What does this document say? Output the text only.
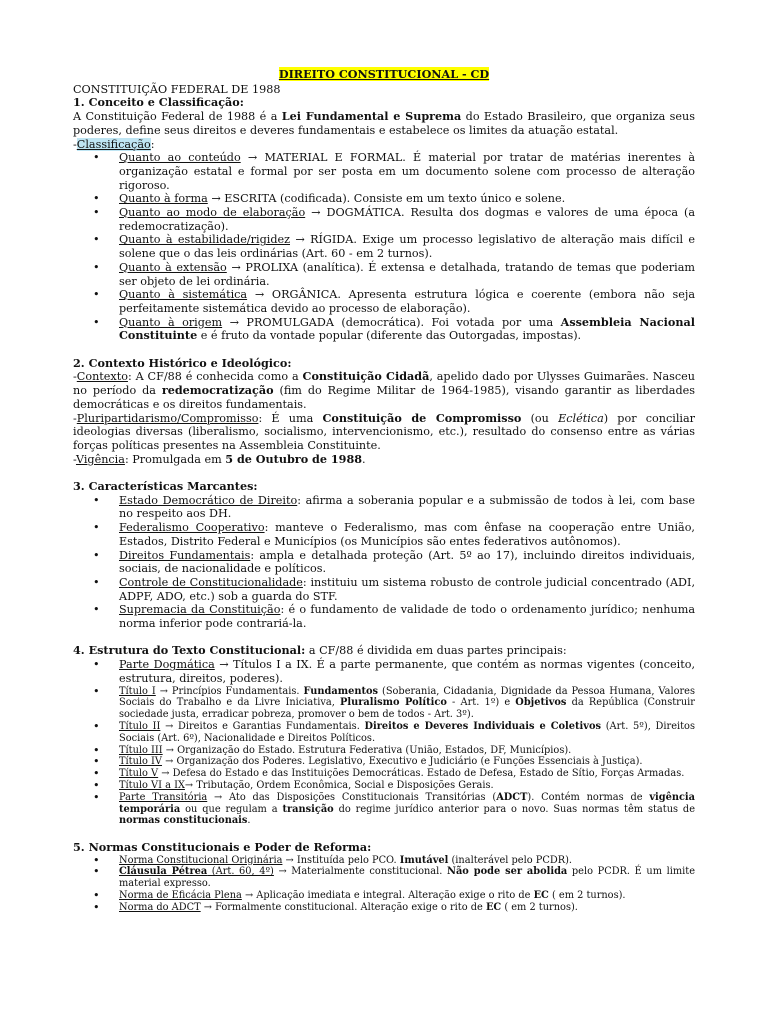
DIREITO CONSTITUCIONAL - CD

CONSTITUIÇÃO FEDERAL DE 1988

1. Conceito e Classificação:

A Constituição Federal de 1988 é a Lei Fundamental e Suprema do Estado Brasileiro, que organiza seus poderes, define seus direitos e deveres fundamentais e estabelece os limites da atuação estatal.

-Classificação:

• Quanto ao conteúdo → MATERIAL E FORMAL. É material por tratar de matérias inerentes à organização estatal e formal por ser posta em um documento solene com processo de alteração rigoroso.
• Quanto à forma → ESCRITA (codificada). Consiste em um texto único e solene.
• Quanto ao modo de elaboração → DOGMÁTICA. Resulta dos dogmas e valores de uma época (a redemocratização).
• Quanto à estabilidade/rigidez → RÍGIDA. Exige um processo legislativo de alteração mais difícil e solene que o das leis ordinárias (Art. 60 - em 2 turnos).
• Quanto à extensão → PROLIXA (analítica). É extensa e detalhada, tratando de temas que poderiam ser objeto de lei ordinária.
• Quanto à sistemática → ORGÂNICA. Apresenta estrutura lógica e coerente (embora não seja perfeitamente sistemática devido ao processo de elaboração).
• Quanto à origem → PROMULGADA (democrática). Foi votada por uma Assembleia Nacional Constituinte e é fruto da vontade popular (diferente das Outorgadas, impostas).

2. Contexto Histórico e Ideológico:

-Contexto: A CF/88 é conhecida como a Constituição Cidadã, apelido dado por Ulysses Guimarães. Nasceu no período da redemocratização (fim do Regime Militar de 1964-1985), visando garantir as liberdades democráticas e os direitos fundamentais.

-Pluripartidarismo/Compromisso: É uma Constituição de Compromisso (ou Eclética) por conciliar ideologias diversas (liberalismo, socialismo, intervencionismo, etc.), resultado do consenso entre as várias forças políticas presentes na Assembleia Constituinte.

-Vigência: Promulgada em 5 de Outubro de 1988.

3. Características Marcantes:

• Estado Democrático de Direito: afirma a soberania popular e a submissão de todos à lei, com base no respeito aos DH.
• Federalismo Cooperativo: manteve o Federalismo, mas com ênfase na cooperação entre União, Estados, Distrito Federal e Municípios (os Municípios são entes federativos autônomos).
• Direitos Fundamentais: ampla e detalhada proteção (Art. 5º ao 17), incluindo direitos individuais, sociais, de nacionalidade e políticos.
• Controle de Constitucionalidade: instituiu um sistema robusto de controle judicial concentrado (ADI, ADPF, ADO, etc.) sob a guarda do STF.
• Supremacia da Constituição: é o fundamento de validade de todo o ordenamento jurídico; nenhuma norma inferior pode contrariá-la.

4. Estrutura do Texto Constitucional: a CF/88 é dividida em duas partes principais:

• Parte Dogmática → Títulos I a IX. É a parte permanente, que contém as normas vigentes (conceito, estrutura, direitos, poderes).
• Título I → Princípios Fundamentais. Fundamentos (Soberania, Cidadania, Dignidade da Pessoa Humana, Valores Sociais do Trabalho e da Livre Iniciativa, Pluralismo Político - Art. 1º) e Objetivos da República (Construir sociedade justa, erradicar pobreza, promover o bem de todos - Art. 3º).
• Título II → Direitos e Garantias Fundamentais. Direitos e Deveres Individuais e Coletivos (Art. 5º), Direitos Sociais (Art. 6º), Nacionalidade e Direitos Políticos.
• Título III → Organização do Estado. Estrutura Federativa (União, Estados, DF, Municípios).
• Título IV → Organização dos Poderes. Legislativo, Executivo e Judiciário (e Funções Essenciais à Justiça).
• Título V → Defesa do Estado e das Instituições Democráticas. Estado de Defesa, Estado de Sítio, Forças Armadas.
• Título VI a IX→ Tributação, Ordem Econômica, Social e Disposições Gerais.
• Parte Transitória → Ato das Disposições Constitucionais Transitórias (ADCT). Contém normas de vigência temporária ou que regulam a transição do regime jurídico anterior para o novo. Suas normas têm status de normas constitucionais.

5. Normas Constitucionais e Poder de Reforma:

• Norma Constitucional Originária → Instituída pelo PCO. Imutável (inalterável pelo PCDR).
• Cláusula Pétrea (Art. 60, 4º) → Materialmente constitucional. Não pode ser abolida pelo PCDR. É um limite material expresso.
• Norma de Eficácia Plena → Aplicação imediata e integral. Alteração exige o rito de EC ( em 2 turnos).
• Norma do ADCT → Formalmente constitucional. Alteração exige o rito de EC ( em 2 turnos).
